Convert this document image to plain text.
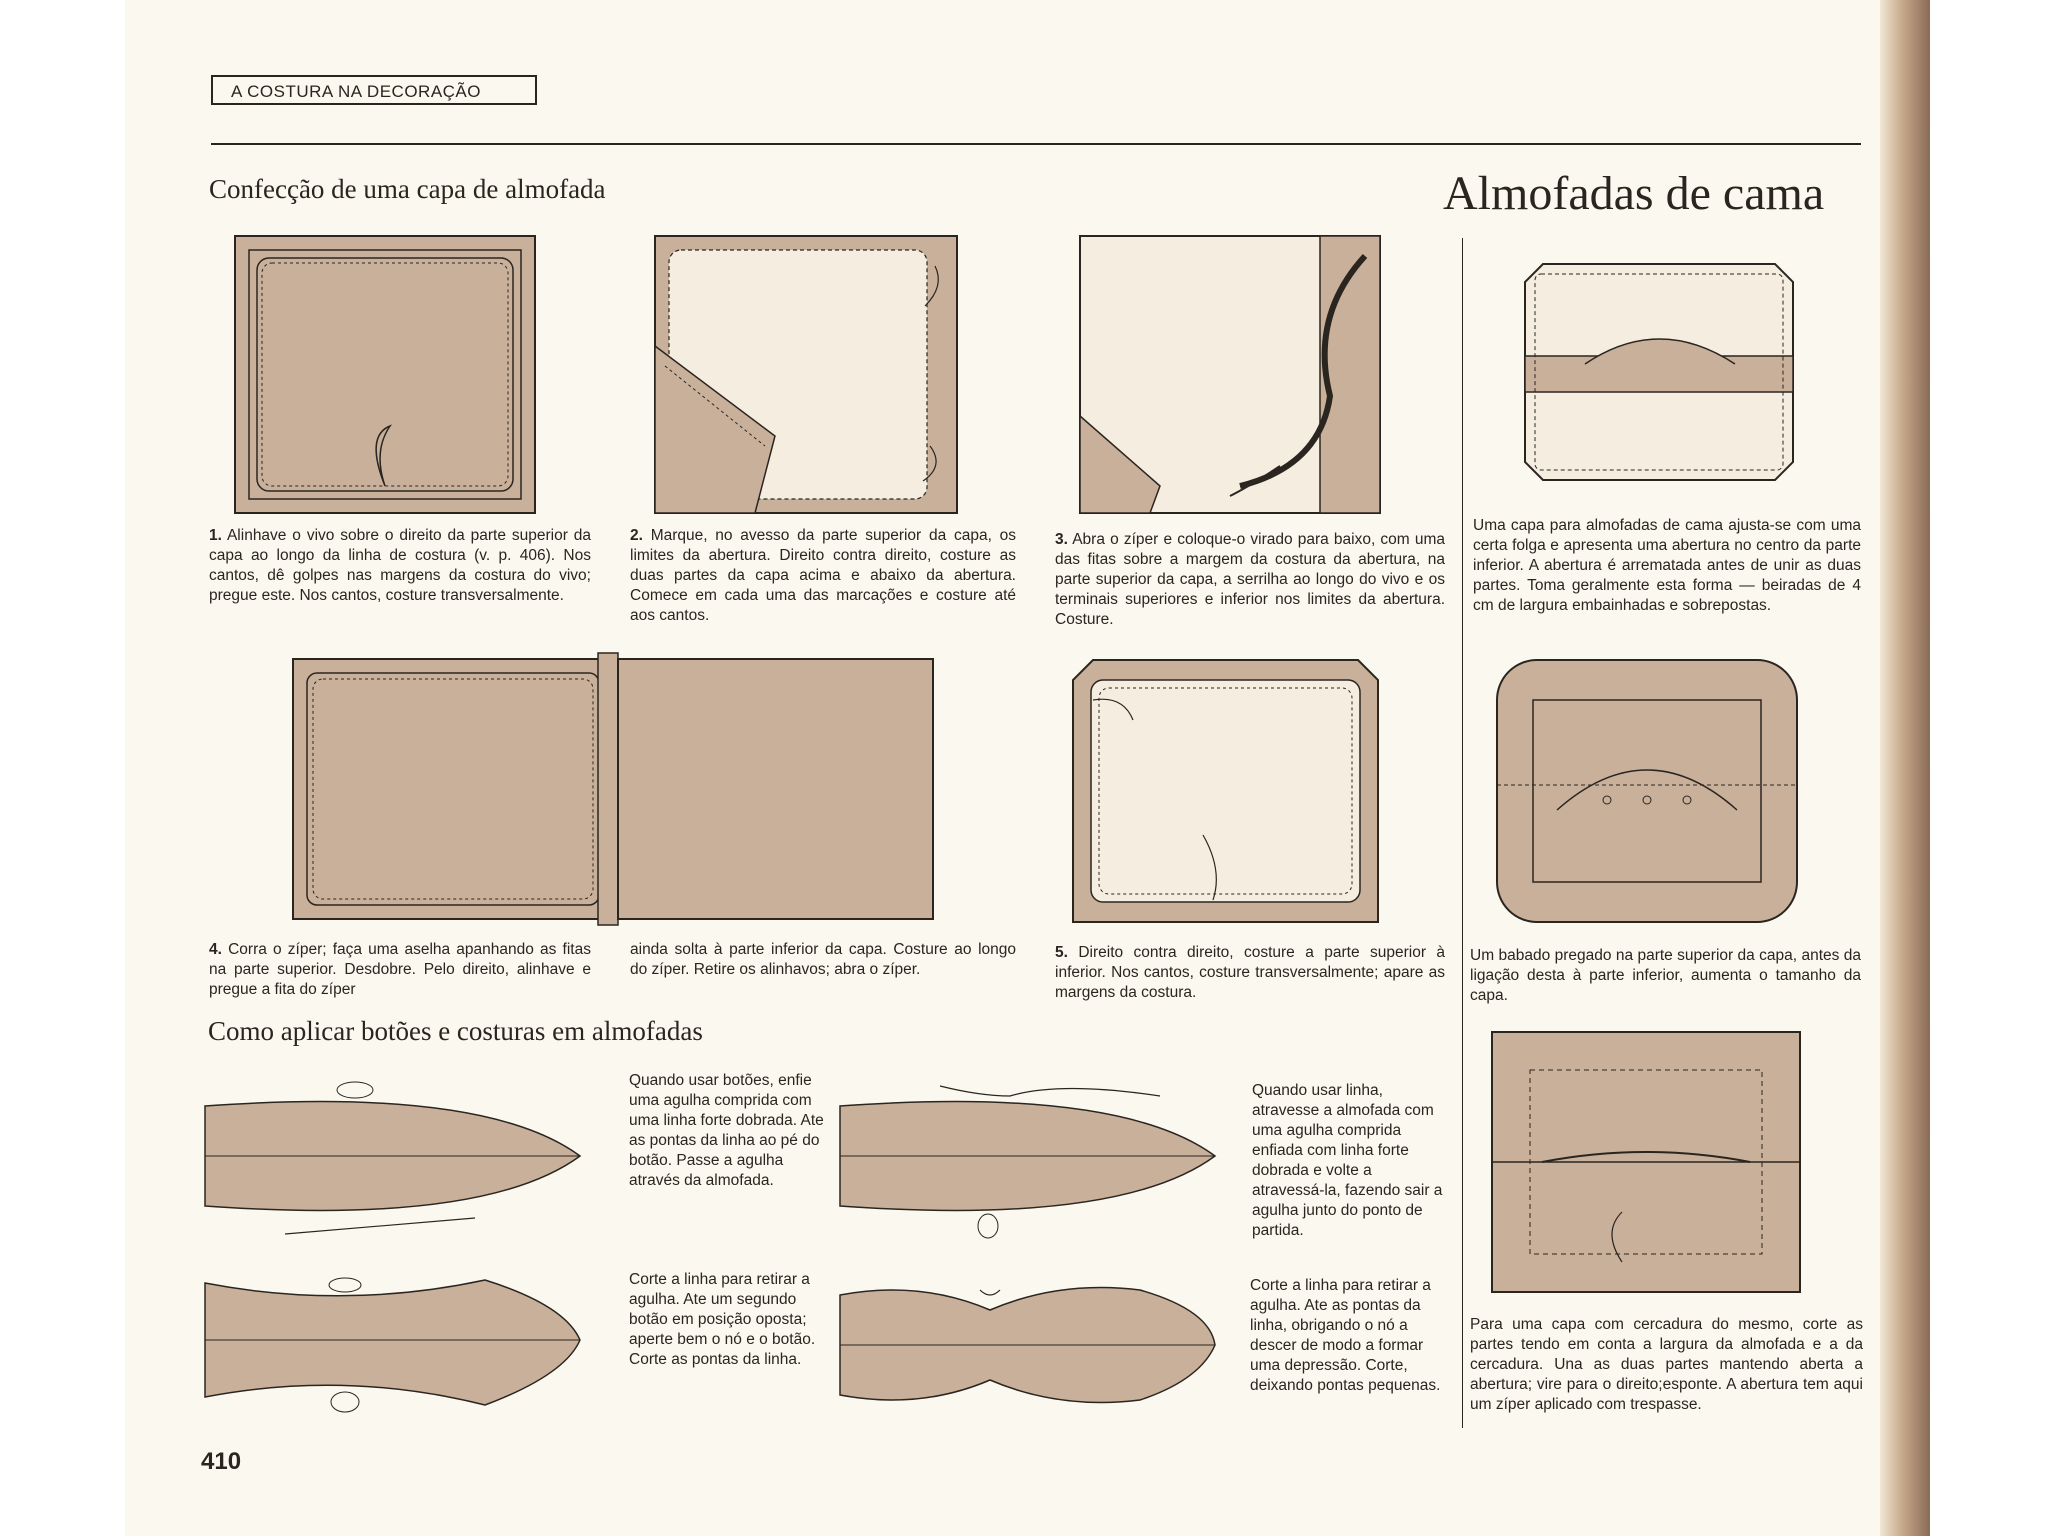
A COSTURA NA DECORAÇÃO
Confecção de uma capa de almofada	Almofadas de cama
1. Alinhave o vivo sobre o direito da parte superior da capa ao longo da linha de costura (v. p. 406). Nos cantos, dê golpes nas margens da costura do vivo; pregue este. Nos cantos, costure transversalmente.
2. Marque, no avesso da parte superior da capa, os limites da abertura. Direito contra direito, costure as duas partes da capa acima e abaixo da abertura. Comece em cada uma das marcações e costure até aos cantos.
3. Abra o zíper e coloque-o virado para baixo, com uma das fitas sobre a margem da costura da abertura, na parte superior da capa, a serrilha ao longo do vivo e os terminais superiores e inferior nos limites da abertura. Costure.
4. Corra o zíper; faça uma aselha apanhando as fitas na parte superior. Desdobre. Pelo direito, alinhave e pregue a fita do zíper
ainda solta à parte inferior da capa. Costure ao longo do zíper. Retire os alinhavos; abra o zíper.
5. Direito contra direito, costure a parte superior à inferior. Nos cantos, costure transversalmente; apare as margens da costura.
Uma capa para almofadas de cama ajusta-se com uma certa folga e apresenta uma abertura no centro da parte inferior. A abertura é arrematada antes de unir as duas partes. Toma geralmente esta forma — beiradas de 4 cm de largura embainhadas e sobrepostas.
Um babado pregado na parte superior da capa, antes da ligação desta à parte inferior, aumenta o tamanho da capa.
Para uma capa com cercadura do mesmo, corte as partes tendo em conta a largura da almofada e a da cercadura. Una as duas partes mantendo aberta a abertura; vire para o direito;esponte. A abertura tem aqui um zíper aplicado com trespasse.
Como aplicar botões e costuras em almofadas
Quando usar botões, enfie uma agulha comprida com uma linha forte dobrada. Ate as pontas da linha ao pé do botão. Passe a agulha através da almofada.
Corte a linha para retirar a agulha. Ate um segundo botão em posição oposta; aperte bem o nó e o botão. Corte as pontas da linha.
Quando usar linha, atravesse a almofada com uma agulha comprida enfiada com linha forte dobrada e volte a atravessá-la, fazendo sair a agulha junto do ponto de partida.
Corte a linha para retirar a agulha. Ate as pontas da linha, obrigando o nó a descer de modo a formar uma depressão. Corte, deixando pontas pequenas.
410
